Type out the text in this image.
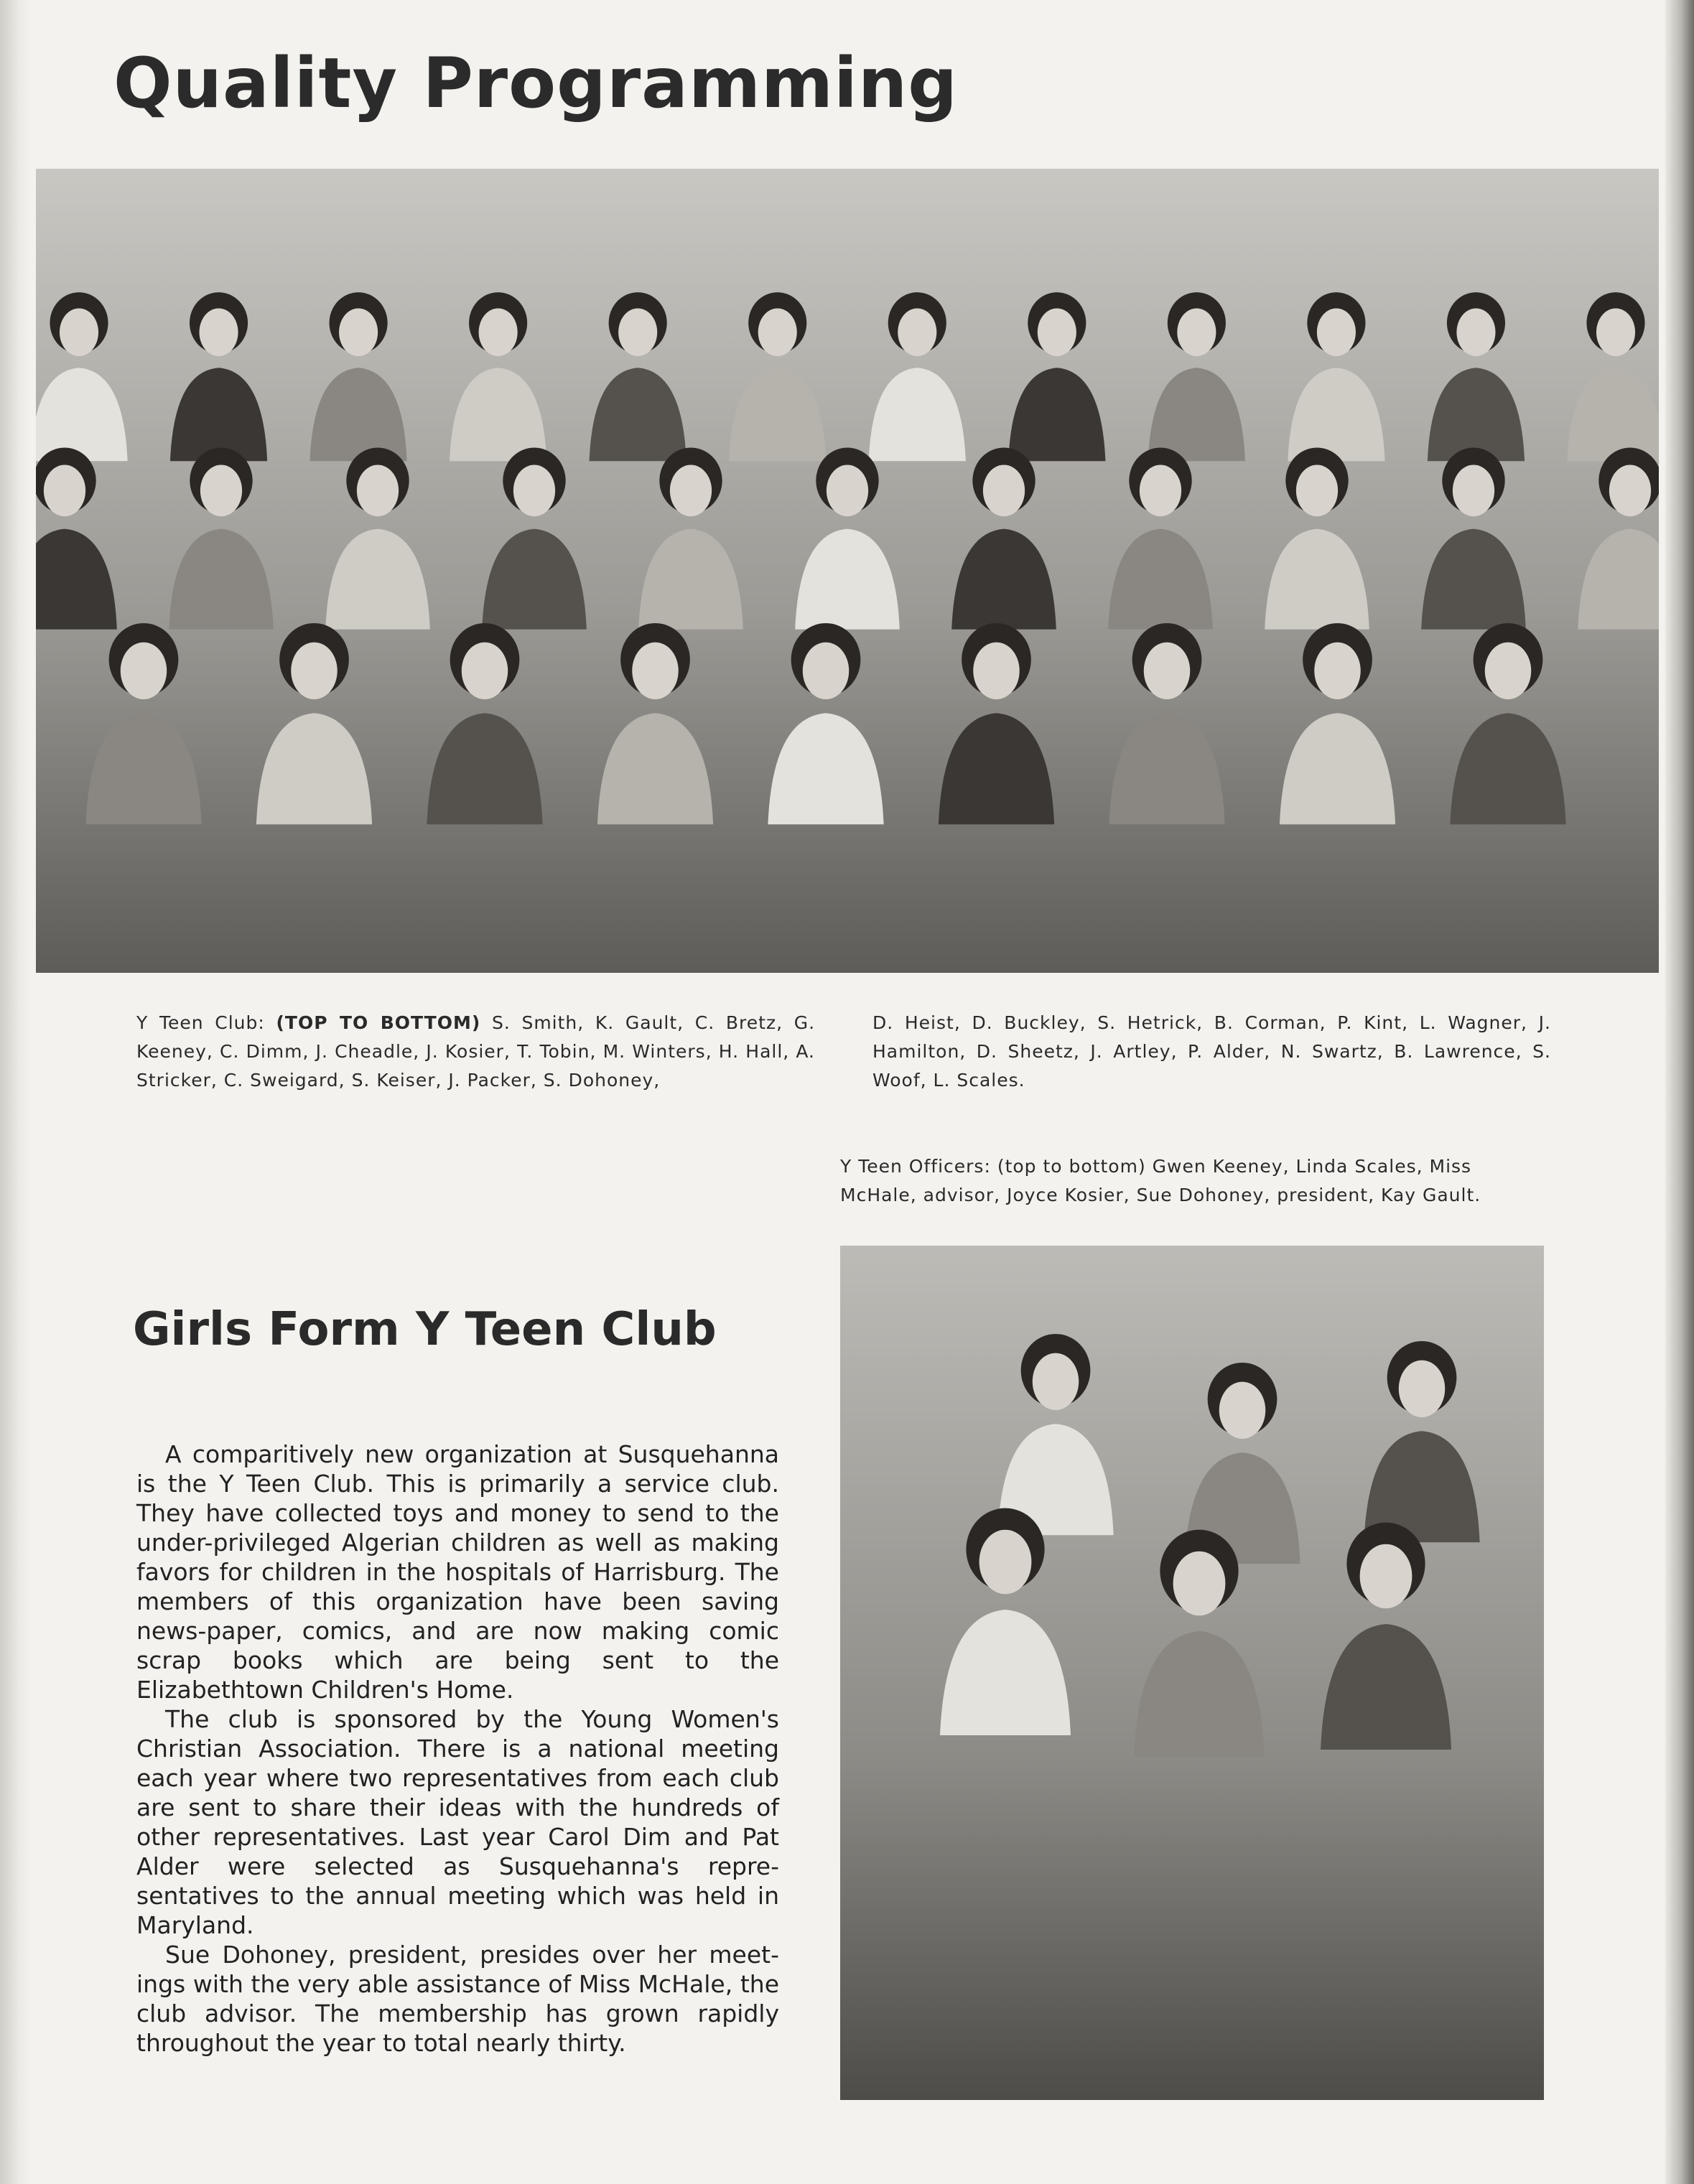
Quality Programming

Y Teen Club: (TOP TO BOTTOM) S. Smith, K. Gault, C. Bretz, G. Keeney, C. Dimm, J. Cheadle, J. Kosier, T. Tobin, M. Winters, H. Hall, A. Stricker, C. Sweigard, S. Keiser, J. Packer, S. Dohoney,

D. Heist, D. Buckley, S. Hetrick, B. Corman, P. Kint, L. Wagner, J. Hamilton, D. Sheetz, J. Artley, P. Alder, N. Swartz, B. Lawrence, S. Woof, L. Scales.

Y Teen Officers: (top to bottom) Gwen Keeney, Linda Scales, Miss McHale, advisor, Joyce Kosier, Sue Dohoney, president, Kay Gault.

Girls Form Y Teen Club

A comparitively new organization at Susquehanna is the Y Teen Club. This is primarily a service club. They have collected toys and money to send to the under-privileged Algerian children as well as making favors for children in the hospitals of Harrisburg. The members of this organization have been saving news-paper, comics, and are now making comic scrap books which are being sent to the Elizabethtown Children's Home.

The club is sponsored by the Young Women's Christian Association. There is a national meeting each year where two representatives from each club are sent to share their ideas with the hundreds of other representatives. Last year Carol Dim and Pat Alder were selected as Susquehanna's repre-sentatives to the annual meeting which was held in Maryland.

Sue Dohoney, president, presides over her meet-ings with the very able assistance of Miss McHale, the club advisor. The membership has grown rapidly throughout the year to total nearly thirty.
